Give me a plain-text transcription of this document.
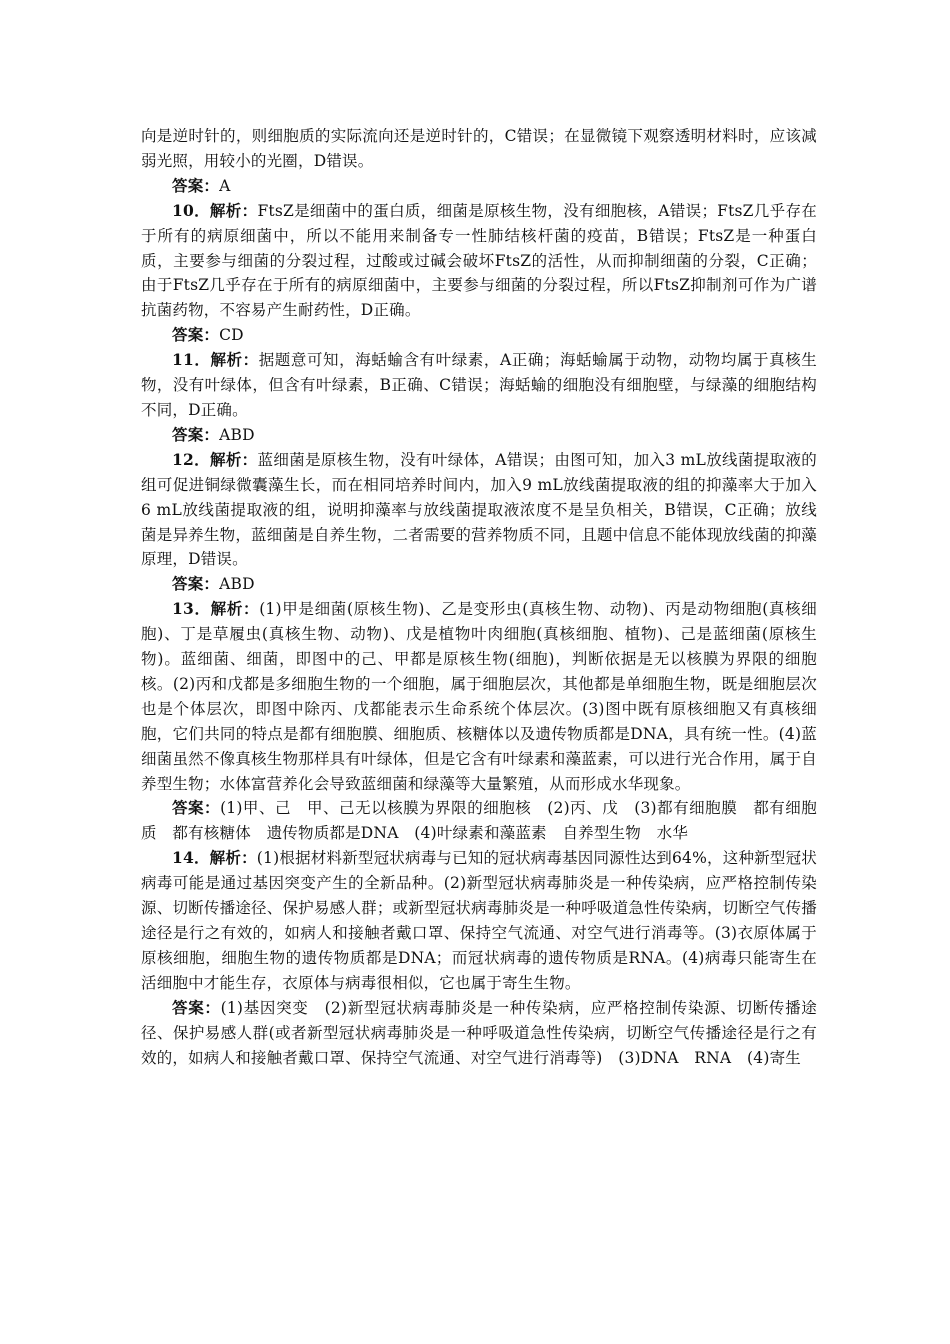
向是逆时针的，则细胞质的实际流向还是逆时针的，C错误；在显微镜下观察透明材料时，应该减弱光照，用较小的光圈，D错误。

答案：A

10．解析：FtsZ是细菌中的蛋白质，细菌是原核生物，没有细胞核，A错误；FtsZ几乎存在于所有的病原细菌中，所以不能用来制备专一性肺结核杆菌的疫苗，B错误；FtsZ是一种蛋白质，主要参与细菌的分裂过程，过酸或过碱会破坏FtsZ的活性，从而抑制细菌的分裂，C正确；由于FtsZ几乎存在于所有的病原细菌中，主要参与细菌的分裂过程，所以FtsZ抑制剂可作为广谱抗菌药物，不容易产生耐药性，D正确。

答案：CD

11．解析：据题意可知，海蛞蝓含有叶绿素，A正确；海蛞蝓属于动物，动物均属于真核生物，没有叶绿体，但含有叶绿素，B正确、C错误；海蛞蝓的细胞没有细胞壁，与绿藻的细胞结构不同，D正确。

答案：ABD

12．解析：蓝细菌是原核生物，没有叶绿体，A错误；由图可知，加入3 mL放线菌提取液的组可促进铜绿微囊藻生长，而在相同培养时间内，加入9 mL放线菌提取液的组的抑藻率大于加入6 mL放线菌提取液的组，说明抑藻率与放线菌提取液浓度不是呈负相关，B错误，C正确；放线菌是异养生物，蓝细菌是自养生物，二者需要的营养物质不同，且题中信息不能体现放线菌的抑藻原理，D错误。

答案：ABD

13．解析：(1)甲是细菌(原核生物)、乙是变形虫(真核生物、动物)、丙是动物细胞(真核细胞)、丁是草履虫(真核生物、动物)、戊是植物叶肉细胞(真核细胞、植物)、己是蓝细菌(原核生物)。蓝细菌、细菌，即图中的己、甲都是原核生物(细胞)，判断依据是无以核膜为界限的细胞核。(2)丙和戊都是多细胞生物的一个细胞，属于细胞层次，其他都是单细胞生物，既是细胞层次也是个体层次，即图中除丙、戊都能表示生命系统个体层次。(3)图中既有原核细胞又有真核细胞，它们共同的特点是都有细胞膜、细胞质、核糖体以及遗传物质都是DNA，具有统一性。(4)蓝细菌虽然不像真核生物那样具有叶绿体，但是它含有叶绿素和藻蓝素，可以进行光合作用，属于自养型生物；水体富营养化会导致蓝细菌和绿藻等大量繁殖，从而形成水华现象。

答案：(1)甲、己　甲、己无以核膜为界限的细胞核　(2)丙、戊　(3)都有细胞膜　都有细胞质　都有核糖体　遗传物质都是DNA　(4)叶绿素和藻蓝素　自养型生物　水华

14．解析：(1)根据材料新型冠状病毒与已知的冠状病毒基因同源性达到64%，这种新型冠状病毒可能是通过基因突变产生的全新品种。(2)新型冠状病毒肺炎是一种传染病，应严格控制传染源、切断传播途径、保护易感人群；或新型冠状病毒肺炎是一种呼吸道急性传染病，切断空气传播途径是行之有效的，如病人和接触者戴口罩、保持空气流通、对空气进行消毒等。(3)衣原体属于原核细胞，细胞生物的遗传物质都是DNA；而冠状病毒的遗传物质是RNA。(4)病毒只能寄生在活细胞中才能生存，衣原体与病毒很相似，它也属于寄生生物。

答案：(1)基因突变　(2)新型冠状病毒肺炎是一种传染病，应严格控制传染源、切断传播途径、保护易感人群(或者新型冠状病毒肺炎是一种呼吸道急性传染病，切断空气传播途径是行之有效的，如病人和接触者戴口罩、保持空气流通、对空气进行消毒等)　(3)DNA　RNA　(4)寄生
